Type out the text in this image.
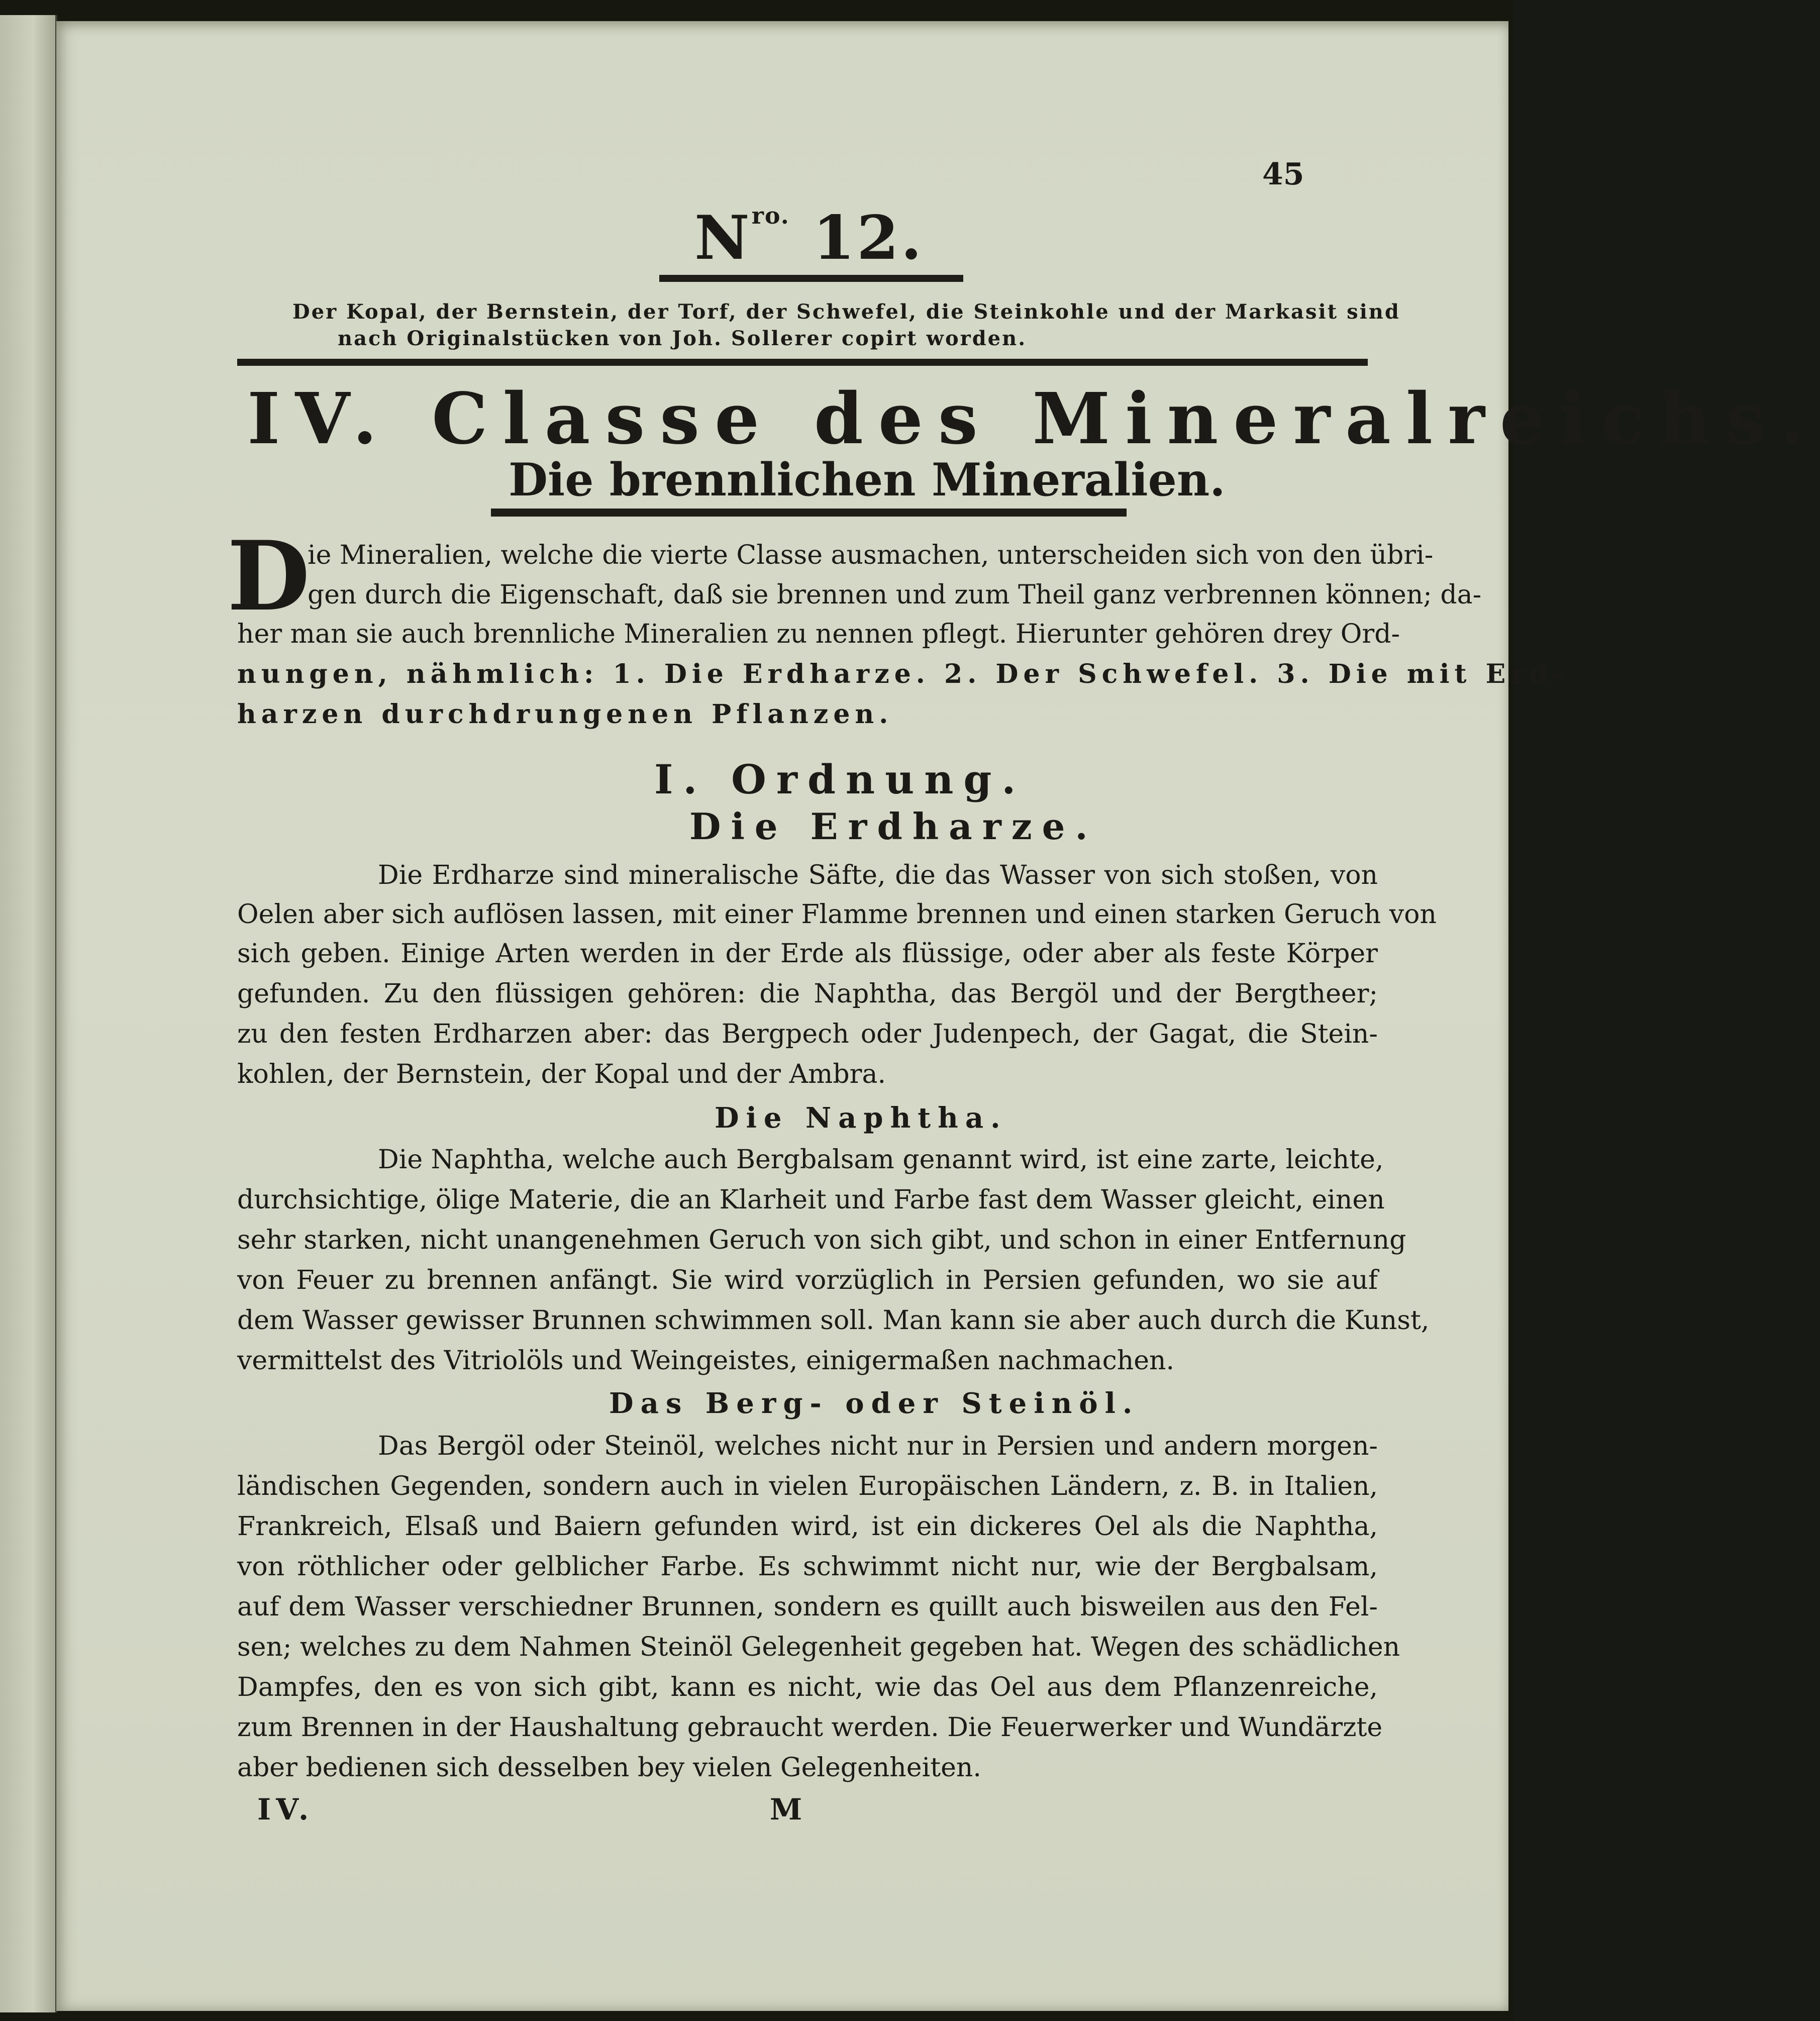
45
$N^{ro.}$ 12.
Der Kopal, der Bernstein, der Torf, der Schwefel, die Steinkohle und der Markasit sind
nach Originalstücken von Joh. Sollerer copirt worden.
IV. Classe des Mineralreichs.
Die brennlichen Mineralien.
D
ie Mineralien, welche die vierte Classe ausmachen, unterscheiden sich von den übri-
gen durch die Eigenschaft, daß sie brennen und zum Theil ganz verbrennen können; da-
her man sie auch brennliche Mineralien zu nennen pflegt. Hierunter gehören drey Ord-
nungen, nähmlich: 1. Die Erdharze. 2. Der Schwefel. 3. Die mit Erd-
harzen durchdrungenen Pflanzen.
I. Ordnung.
Die Erdharze.
Die Erdharze sind mineralische Säfte, die das Wasser von sich stoßen, von
Oelen aber sich auflösen lassen, mit einer Flamme brennen und einen starken Geruch von
sich geben. Einige Arten werden in der Erde als flüssige, oder aber als feste Körper
gefunden. Zu den flüssigen gehören: die Naphtha, das Bergöl und der Bergtheer;
zu den festen Erdharzen aber: das Bergpech oder Judenpech, der Gagat, die Stein-
kohlen, der Bernstein, der Kopal und der Ambra.
Die Naphtha.
Die Naphtha, welche auch Bergbalsam genannt wird, ist eine zarte, leichte,
durchsichtige, ölige Materie, die an Klarheit und Farbe fast dem Wasser gleicht, einen
sehr starken, nicht unangenehmen Geruch von sich gibt, und schon in einer Entfernung
von Feuer zu brennen anfängt. Sie wird vorzüglich in Persien gefunden, wo sie auf
dem Wasser gewisser Brunnen schwimmen soll. Man kann sie aber auch durch die Kunst,
vermittelst des Vitriolöls und Weingeistes, einigermaßen nachmachen.
Das Berg- oder Steinöl.
Das Bergöl oder Steinöl, welches nicht nur in Persien und andern morgen-
ländischen Gegenden, sondern auch in vielen Europäischen Ländern, z. B. in Italien,
Frankreich, Elsaß und Baiern gefunden wird, ist ein dickeres Oel als die Naphtha,
von röthlicher oder gelblicher Farbe. Es schwimmt nicht nur, wie der Bergbalsam,
auf dem Wasser verschiedner Brunnen, sondern es quillt auch bisweilen aus den Fel-
sen; welches zu dem Nahmen Steinöl Gelegenheit gegeben hat. Wegen des schädlichen
Dampfes, den es von sich gibt, kann es nicht, wie das Oel aus dem Pflanzenreiche,
zum Brennen in der Haushaltung gebraucht werden. Die Feuerwerker und Wundärzte
aber bedienen sich desselben bey vielen Gelegenheiten.
IV.	M
